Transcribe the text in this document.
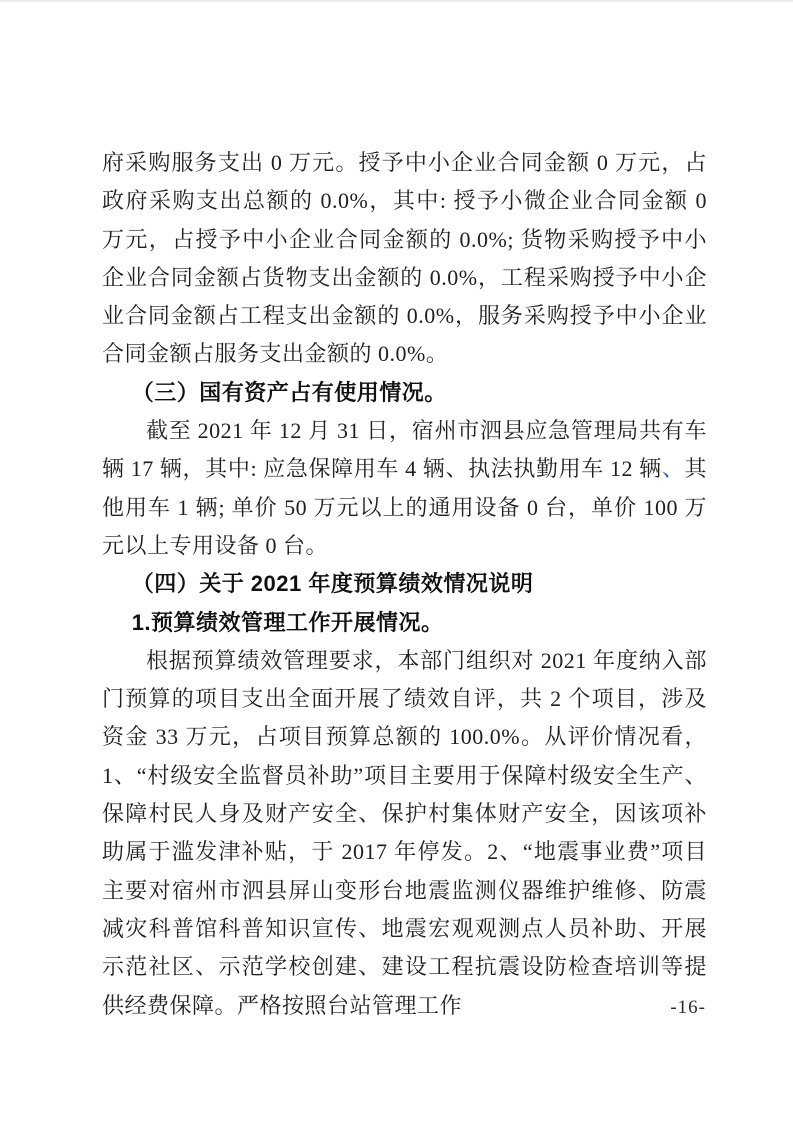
府采购服务支出 0 万元。授予中小企业合同金额 0 万元，占政府采购支出总额的 0.0%，其中: 授予小微企业合同金额 0 万元，占授予中小企业合同金额的 0.0%; 货物采购授予中小企业合同金额占货物支出金额的 0.0%，工程采购授予中小企业合同金额占工程支出金额的 0.0%，服务采购授予中小企业合同金额占服务支出金额的 0.0%。

（三）国有资产占有使用情况。

截至 2021 年 12 月 31 日，宿州市泗县应急管理局共有车辆 17 辆，其中: 应急保障用车 4 辆、执法执勤用车 12 辆、其他用车 1 辆; 单价 50 万元以上的通用设备 0 台，单价 100 万元以上专用设备 0 台。

（四）关于 2021 年度预算绩效情况说明

1.预算绩效管理工作开展情况。

根据预算绩效管理要求，本部门组织对 2021 年度纳入部门预算的项目支出全面开展了绩效自评，共 2 个项目，涉及资金 33 万元，占项目预算总额的 100.0%。从评价情况看，1、“村级安全监督员补助”项目主要用于保障村级安全生产、保障村民人身及财产安全、保护村集体财产安全，因该项补助属于滥发津补贴，于 2017 年停发。2、“地震事业费”项目主要对宿州市泗县屏山变形台地震监测仪器维护维修、防震减灾科普馆科普知识宣传、地震宏观观测点人员补助、开展示范社区、示范学校创建、建设工程抗震设防检查培训等提供经费保障。严格按照台站管理工作	-16-
